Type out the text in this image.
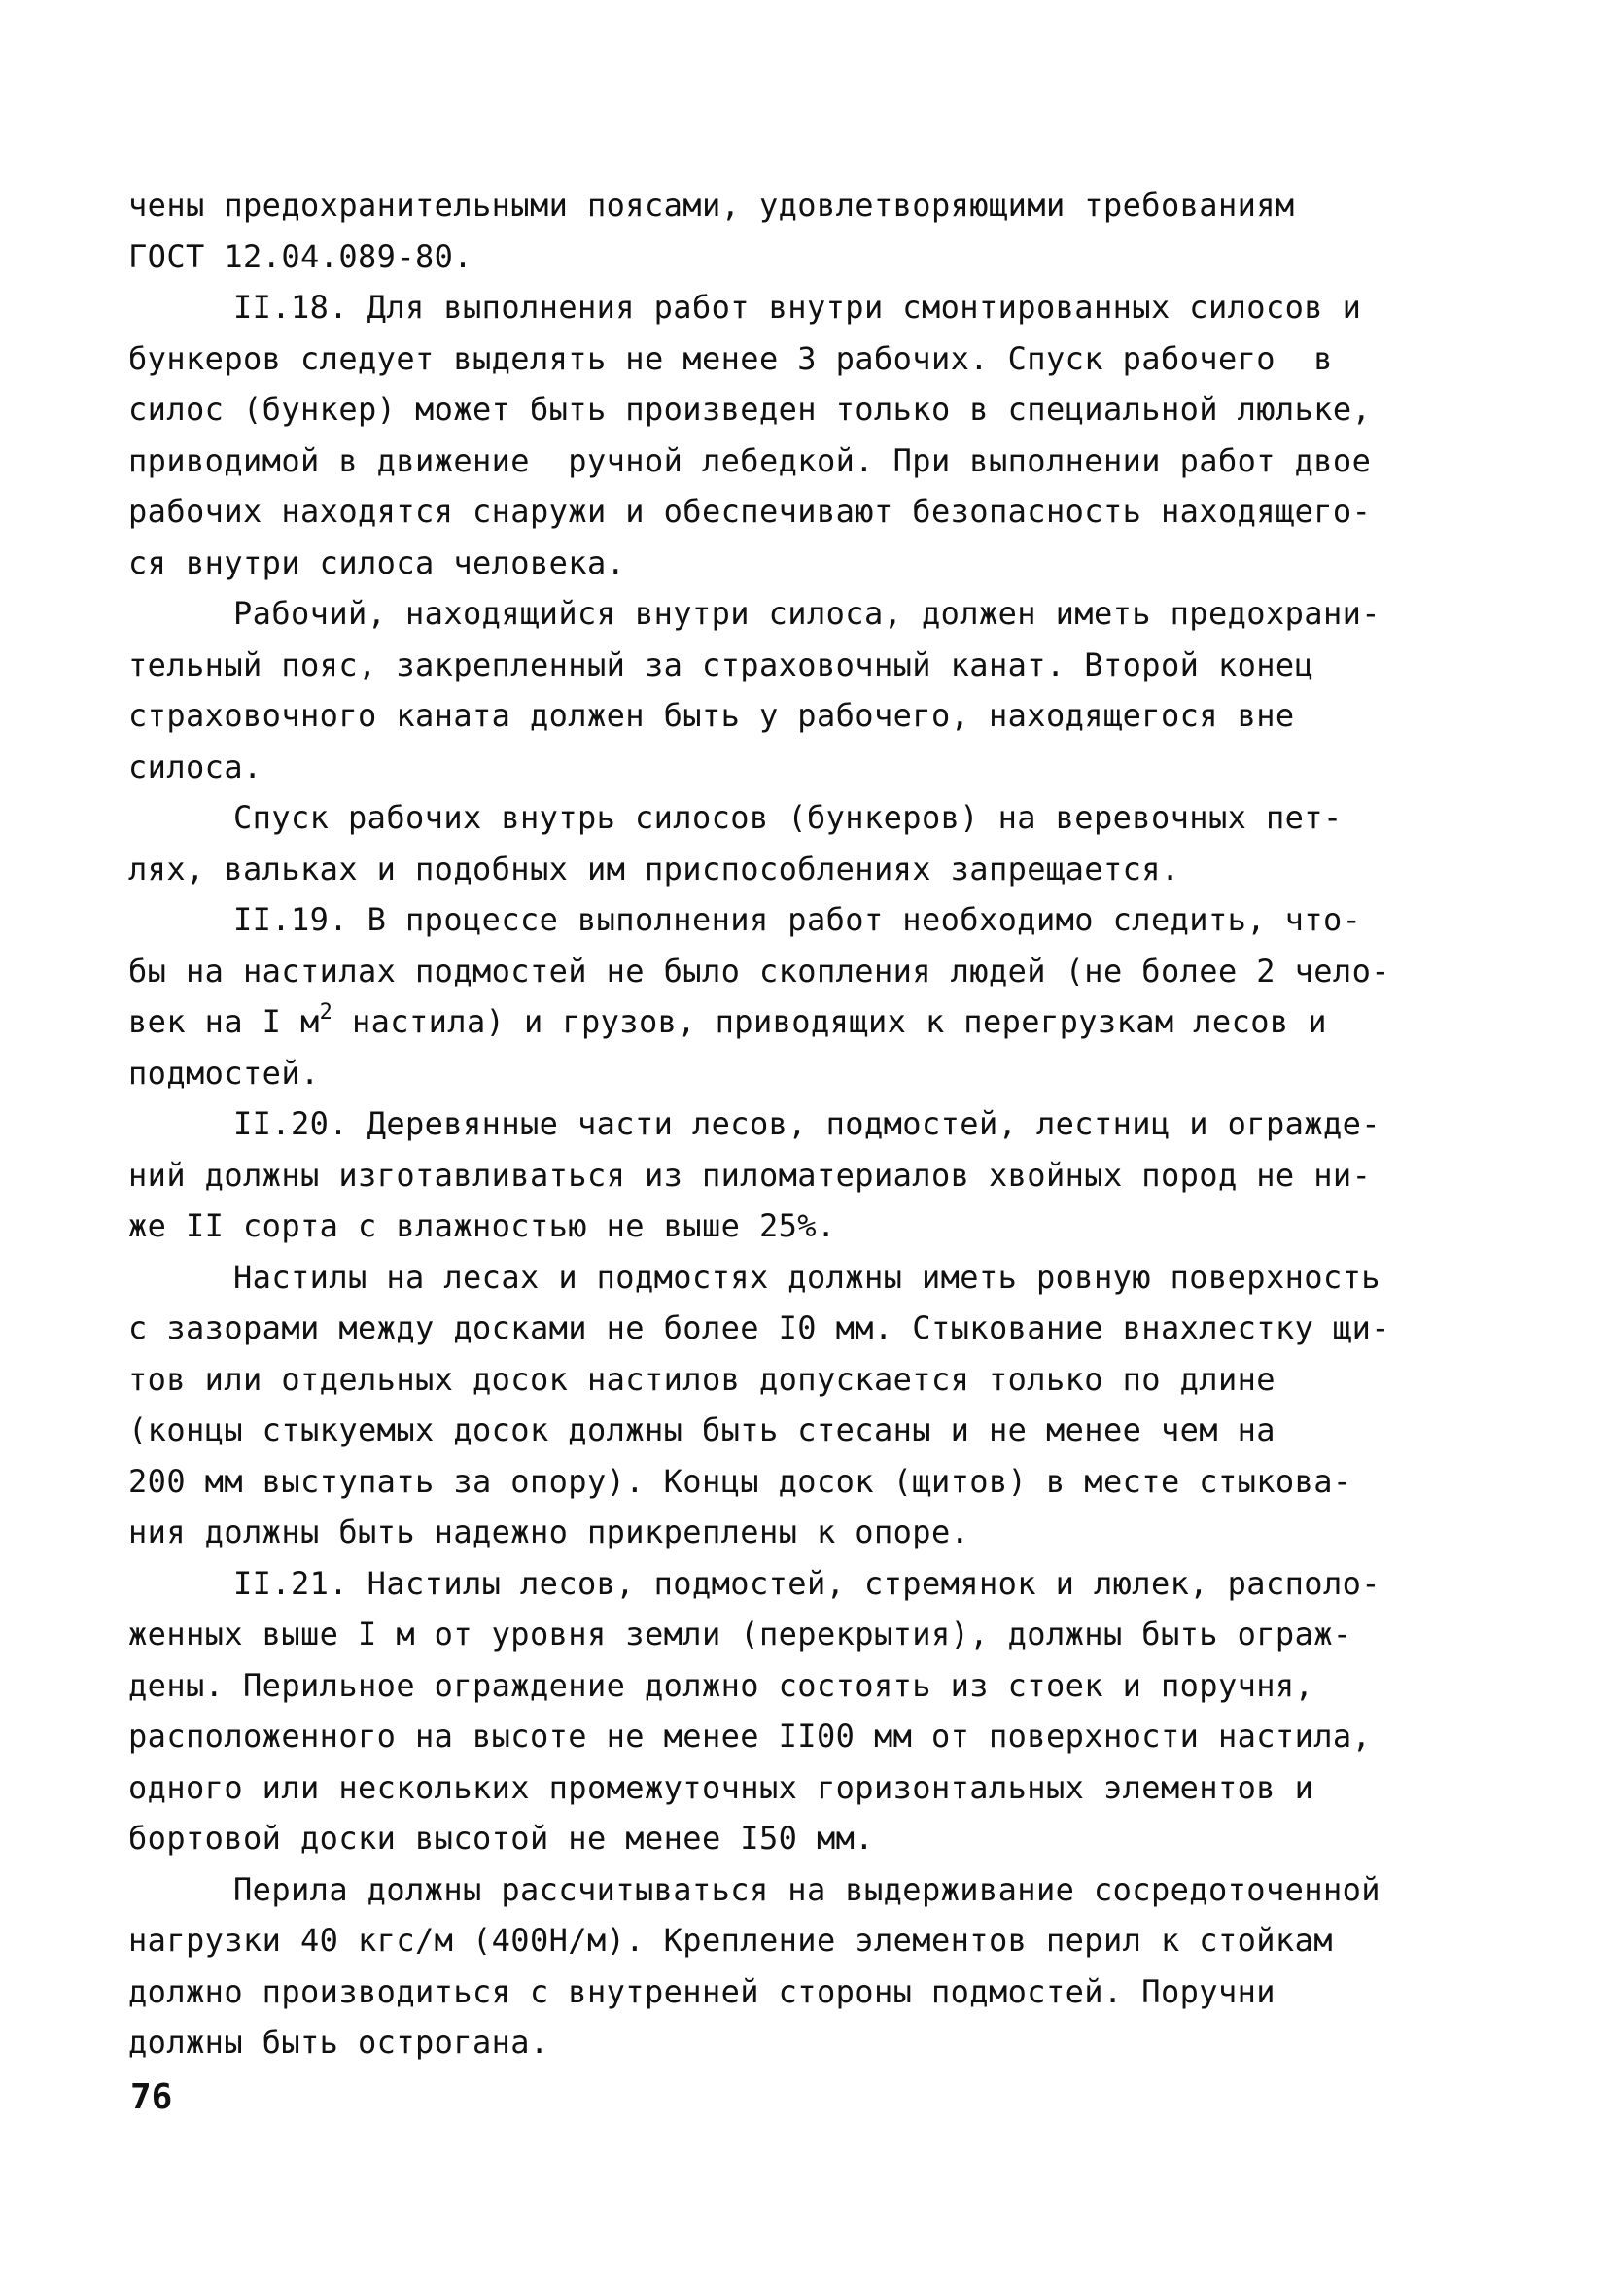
чены предохранительными поясами, удовлетворяющими требованиям
ГОСТ 12.04.089-80.
II.18. Для выполнения работ внутри смонтированных силосов и
бункеров следует выделять не менее 3 рабочих. Спуск рабочего  в
силос (бункер) может быть произведен только в специальной люльке,
приводимой в движение  ручной лебедкой. При выполнении работ двое
рабочих находятся снаружи и обеспечивают безопасность находящего-
ся внутри силоса человека.
Рабочий, находящийся внутри силоса, должен иметь предохрани-
тельный пояс, закрепленный за страховочный канат. Второй конец
страховочного каната должен быть у рабочего, находящегося вне
силоса.
Спуск рабочих внутрь силосов (бункеров) на веревочных пет-
лях, вальках и подобных им приспособлениях запрещается.
II.19. В процессе выполнения работ необходимо следить, что-
бы на настилах подмостей не было скопления людей (не более 2 чело-
век на I $м^2$ настила) и грузов, приводящих к перегрузкам лесов и
подмостей.
II.20. Деревянные части лесов, подмостей, лестниц и огражде-
ний должны изготавливаться из пиломатериалов хвойных пород не ни-
же II сорта с влажностью не выше 25%.
Настилы на лесах и подмостях должны иметь ровную поверхность
с зазорами между досками не более I0 мм. Стыкование внахлестку щи-
тов или отдельных досок настилов допускается только по длине
(концы стыкуемых досок должны быть стесаны и не менее чем на
200 мм выступать за опору). Концы досок (щитов) в месте стыкова-
ния должны быть надежно прикреплены к опоре.
II.21. Настилы лесов, подмостей, стремянок и люлек, располо-
женных выше I м от уровня земли (перекрытия), должны быть ограж-
дены. Перильное ограждение должно состоять из стоек и поручня,
расположенного на высоте не менее II00 мм от поверхности настила,
одного или нескольких промежуточных горизонтальных элементов и
бортовой доски высотой не менее I50 мм.
Перила должны рассчитываться на выдерживание сосредоточенной
нагрузки 40 кгс/м (400Н/м). Крепление элементов перил к стойкам
должно производиться с внутренней стороны подмостей. Поручни
должны быть острогана.
76
